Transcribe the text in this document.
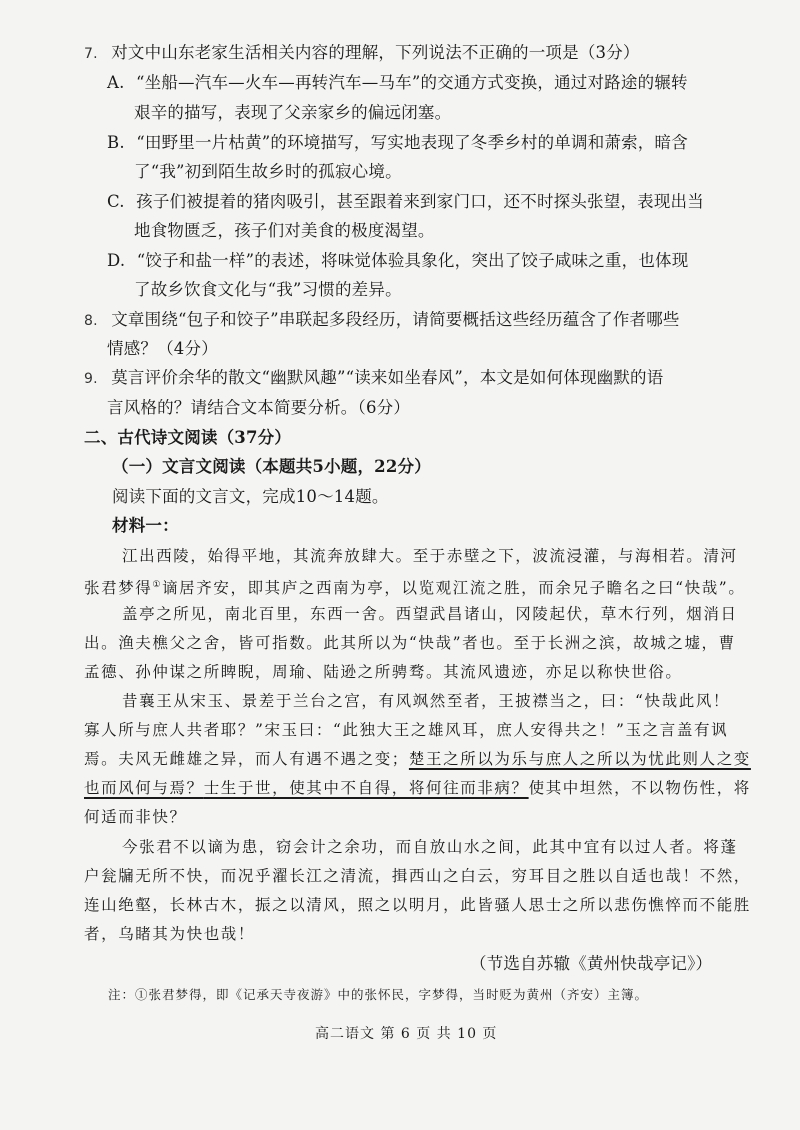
7. 对文中山东老家生活相关内容的理解，下列说法不正确的一项是（3分）
A. “坐船—汽车—火车—再转汽车—马车”的交通方式变换，通过对路途的辗转
艰辛的描写，表现了父亲家乡的偏远闭塞。
B. “田野里一片枯黄”的环境描写，写实地表现了冬季乡村的单调和萧索，暗含
了“我”初到陌生故乡时的孤寂心境。
C. 孩子们被提着的猪肉吸引，甚至跟着来到家门口，还不时探头张望，表现出当
地食物匮乏，孩子们对美食的极度渴望。
D. “饺子和盐一样”的表述，将味觉体验具象化，突出了饺子咸味之重，也体现
了故乡饮食文化与“我”习惯的差异。
8. 文章围绕“包子和饺子”串联起多段经历，请简要概括这些经历蕴含了作者哪些
情感？（4分）
9. 莫言评价余华的散文“幽默风趣”“读来如坐春风”，本文是如何体现幽默的语
言风格的？请结合文本简要分析。（6分）
二、古代诗文阅读（37分）
（一）文言文阅读（本题共5小题，22分）
阅读下面的文言文，完成10～14题。
材料一：
江出西陵，始得平地，其流奔放肆大。至于赤壁之下，波流浸灌，与海相若。清河
张君梦得①谪居齐安，即其庐之西南为亭，以览观江流之胜，而余兄子瞻名之曰“快哉”。
盖亭之所见，南北百里，东西一舍。西望武昌诸山，冈陵起伏，草木行列，烟消日
出。渔夫樵父之舍，皆可指数。此其所以为“快哉”者也。至于长洲之滨，故城之墟，曹
孟德、孙仲谋之所睥睨，周瑜、陆逊之所骋骛。其流风遗迹，亦足以称快世俗。
昔襄王从宋玉、景差于兰台之宫，有风飒然至者，王披襟当之，曰：“快哉此风！
寡人所与庶人共者耶？”宋玉曰：“此独大王之雄风耳，庶人安得共之！”玉之言盖有讽
焉。夫风无雌雄之异，而人有遇不遇之变；楚王之所以为乐与庶人之所以为忧此则人之变
也而风何与焉？士生于世，使其中不自得，将何往而非病？使其中坦然，不以物伤性，将
何适而非快？
今张君不以谪为患，窃会计之余功，而自放山水之间，此其中宜有以过人者。将蓬
户瓮牖无所不快，而况乎濯长江之清流，揖西山之白云，穷耳目之胜以自适也哉！不然，
连山绝壑，长林古木，振之以清风，照之以明月，此皆骚人思士之所以悲伤憔悴而不能胜
者，乌睹其为快也哉！
（节选自苏辙《黄州快哉亭记》）
注：①张君梦得，即《记承天寺夜游》中的张怀民，字梦得，当时贬为黄州（齐安）主簿。
高二语文 第 6 页 共 10 页
